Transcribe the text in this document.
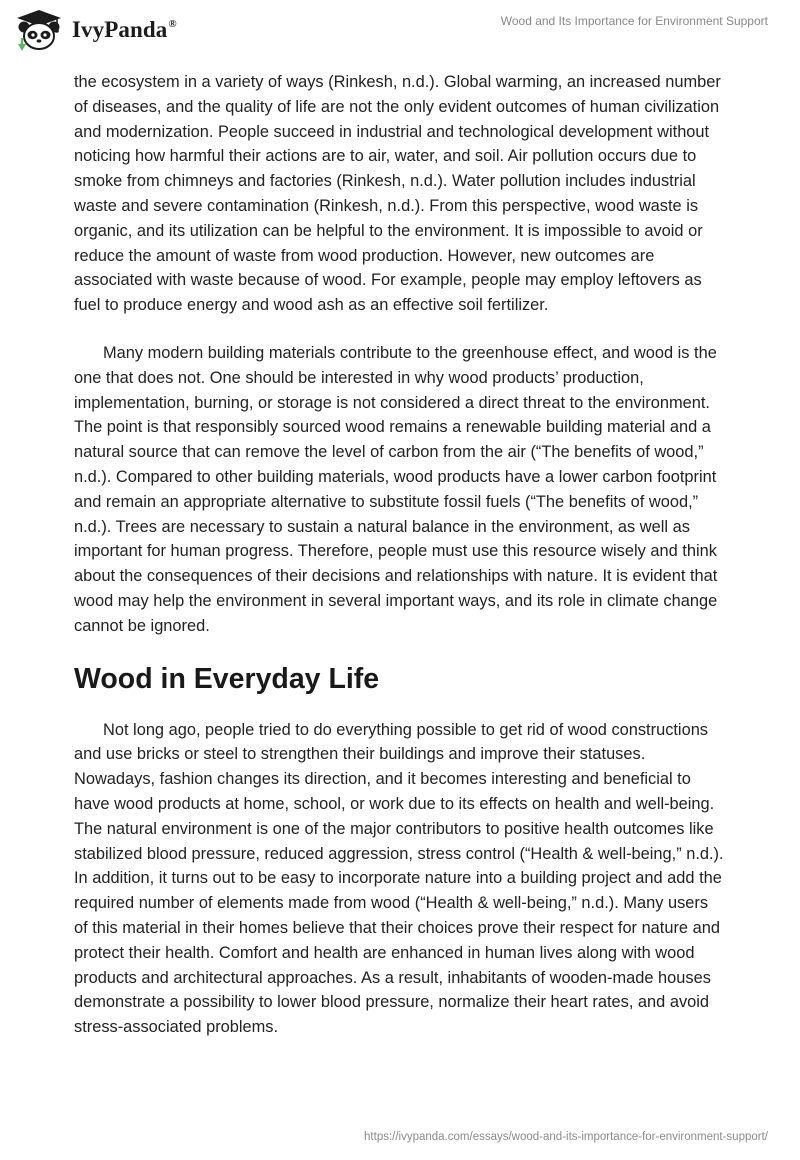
IvyPanda®	Wood and Its Importance for Environment Support

the ecosystem in a variety of ways (Rinkesh, n.d.). Global warming, an increased number of diseases, and the quality of life are not the only evident outcomes of human civilization and modernization. People succeed in industrial and technological development without noticing how harmful their actions are to air, water, and soil. Air pollution occurs due to smoke from chimneys and factories (Rinkesh, n.d.). Water pollution includes industrial waste and severe contamination (Rinkesh, n.d.). From this perspective, wood waste is organic, and its utilization can be helpful to the environment. It is impossible to avoid or reduce the amount of waste from wood production. However, new outcomes are associated with waste because of wood. For example, people may employ leftovers as fuel to produce energy and wood ash as an effective soil fertilizer.

Many modern building materials contribute to the greenhouse effect, and wood is the one that does not. One should be interested in why wood products’ production, implementation, burning, or storage is not considered a direct threat to the environment. The point is that responsibly sourced wood remains a renewable building material and a natural source that can remove the level of carbon from the air (“The benefits of wood,” n.d.). Compared to other building materials, wood products have a lower carbon footprint and remain an appropriate alternative to substitute fossil fuels (“The benefits of wood,” n.d.). Trees are necessary to sustain a natural balance in the environment, as well as important for human progress. Therefore, people must use this resource wisely and think about the consequences of their decisions and relationships with nature. It is evident that wood may help the environment in several important ways, and its role in climate change cannot be ignored.

Wood in Everyday Life

Not long ago, people tried to do everything possible to get rid of wood constructions and use bricks or steel to strengthen their buildings and improve their statuses. Nowadays, fashion changes its direction, and it becomes interesting and beneficial to have wood products at home, school, or work due to its effects on health and well-being. The natural environment is one of the major contributors to positive health outcomes like stabilized blood pressure, reduced aggression, stress control (“Health & well-being,” n.d.). In addition, it turns out to be easy to incorporate nature into a building project and add the required number of elements made from wood (“Health & well-being,” n.d.). Many users of this material in their homes believe that their choices prove their respect for nature and protect their health. Comfort and health are enhanced in human lives along with wood products and architectural approaches. As a result, inhabitants of wooden-made houses demonstrate a possibility to lower blood pressure, normalize their heart rates, and avoid stress-associated problems.

https://ivypanda.com/essays/wood-and-its-importance-for-environment-support/
